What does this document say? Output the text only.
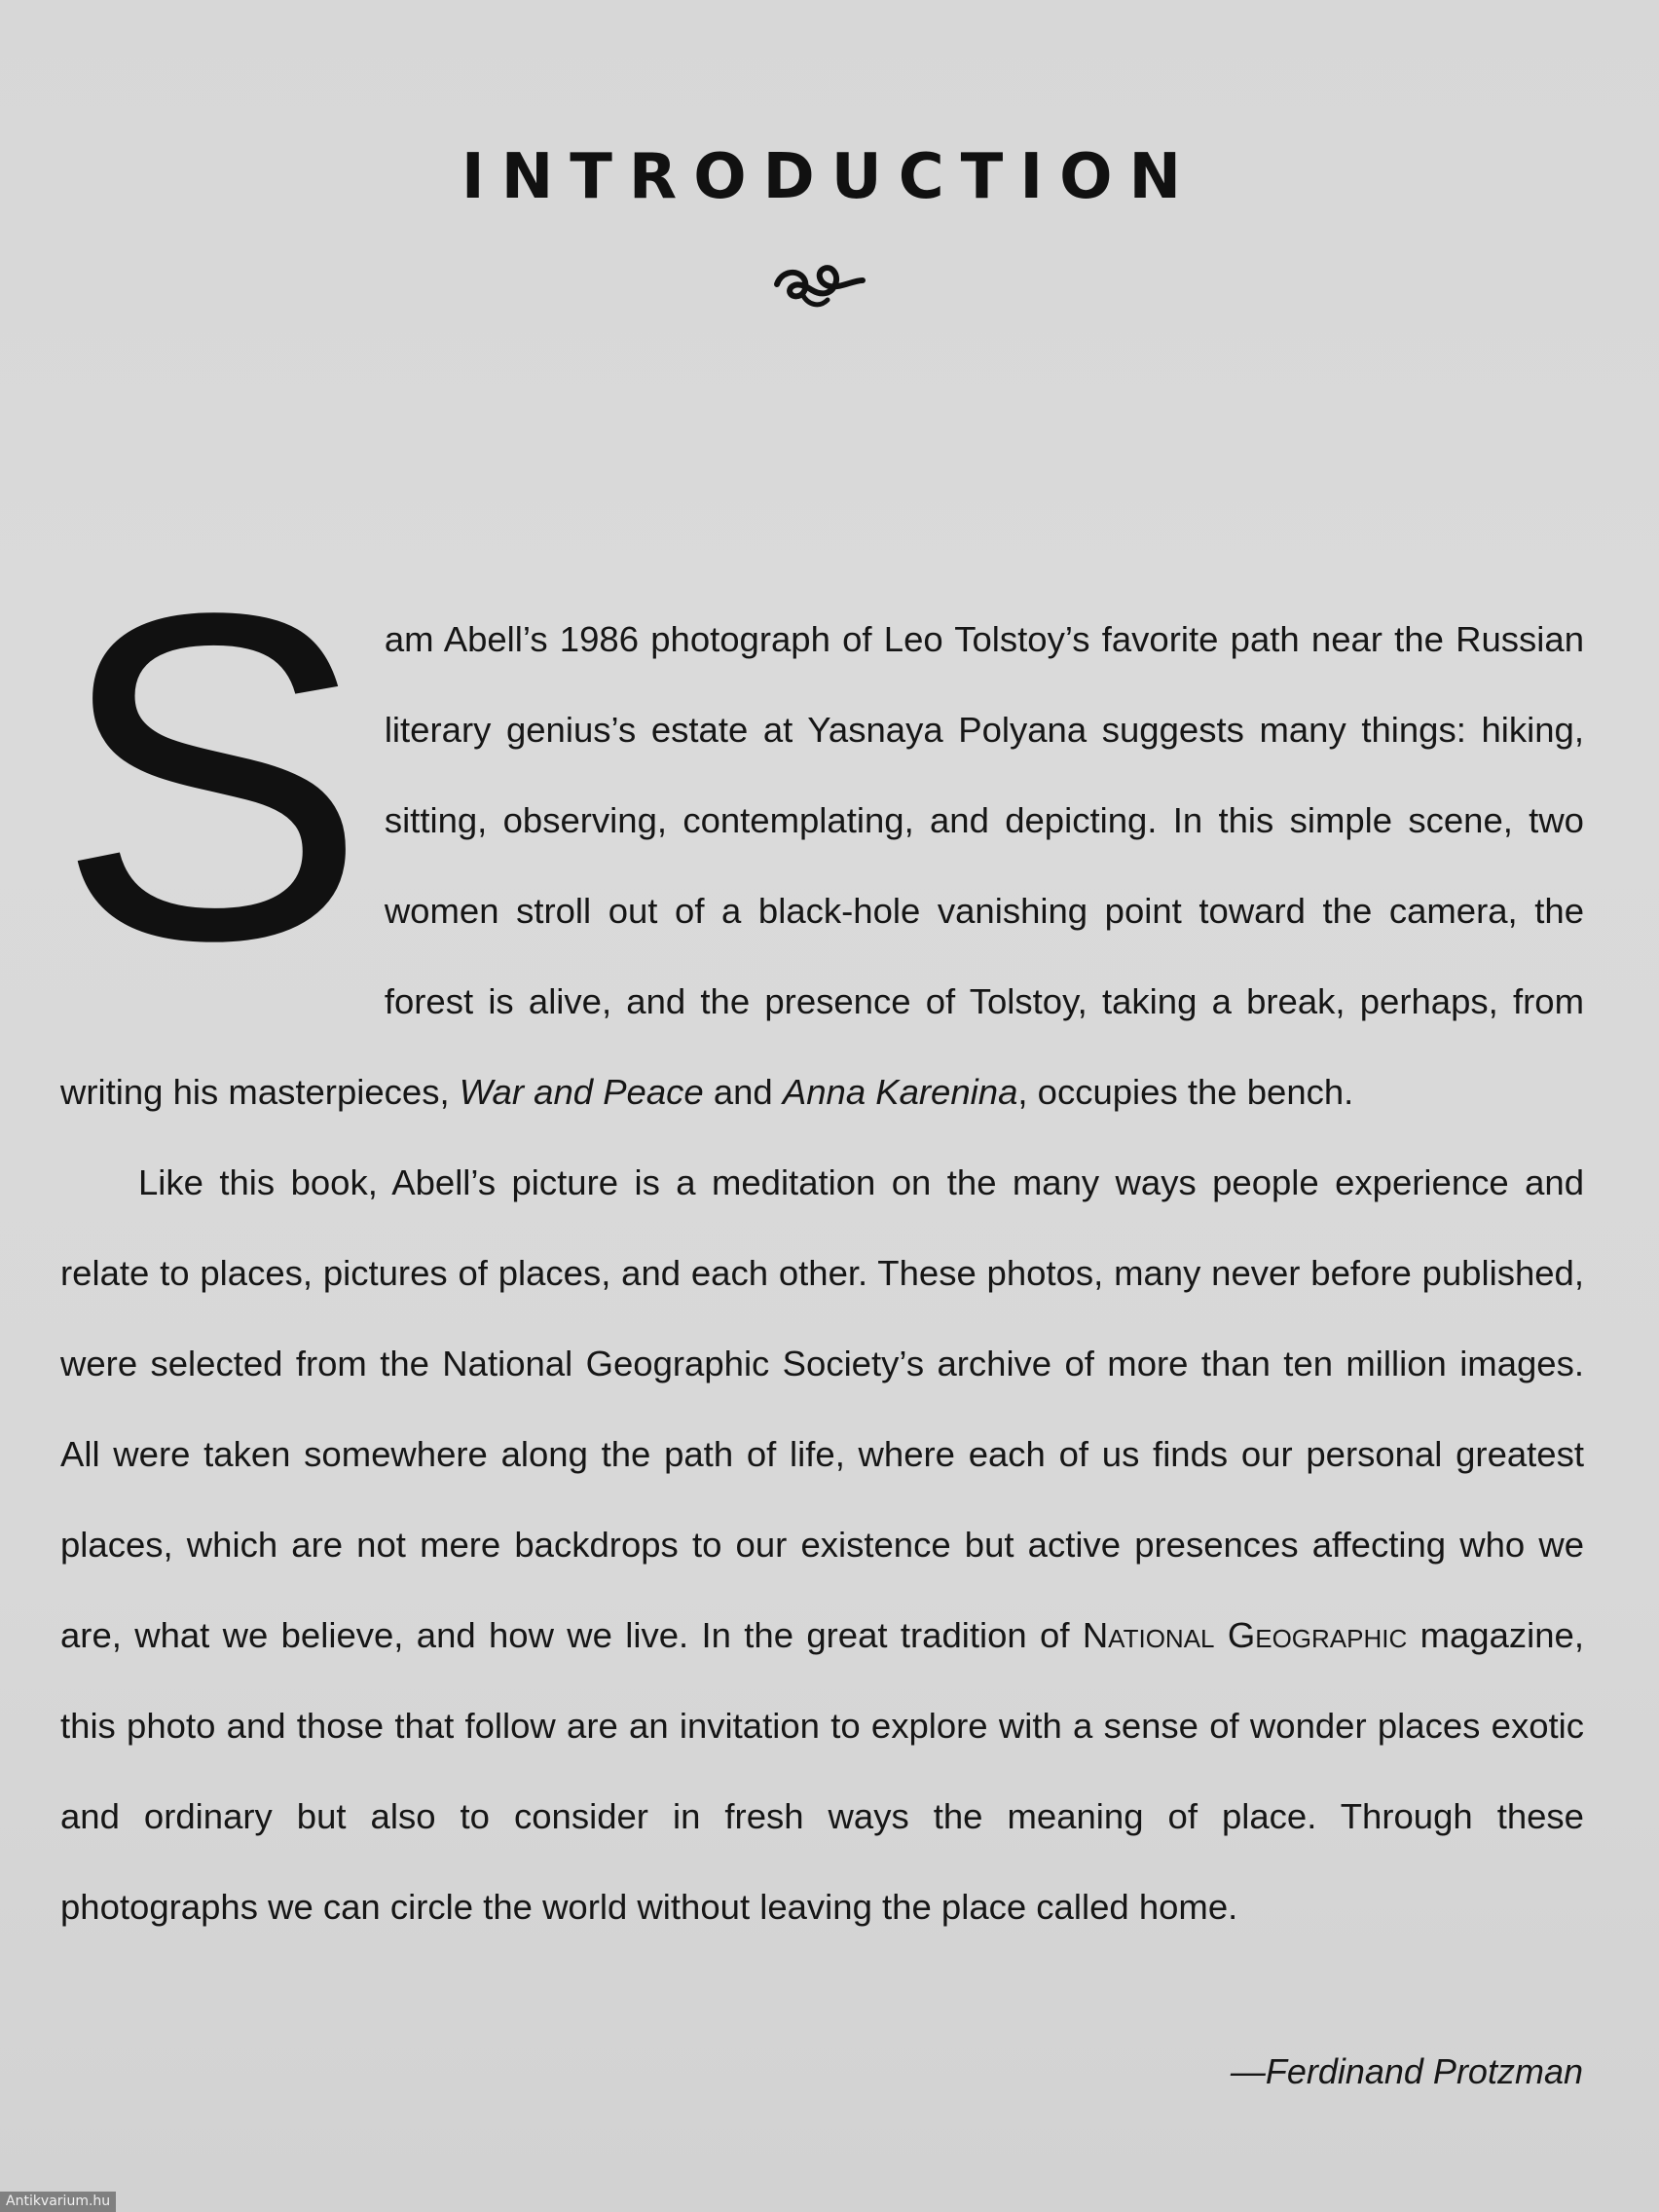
INTRODUCTION

Sam Abell’s 1986 photograph of Leo Tolstoy’s favorite path near the Russian literary genius’s estate at Yasnaya Polyana suggests many things: hiking, sitting, observing, contemplating, and depicting. In this simple scene, two women stroll out of a black-hole vanishing point toward the camera, the forest is alive, and the presence of Tolstoy, taking a break, perhaps, from writing his masterpieces, War and Peace and Anna Karenina, occupies the bench.

Like this book, Abell’s picture is a meditation on the many ways people experience and relate to places, pictures of places, and each other. These photos, many never before published, were selected from the National Geographic Society’s archive of more than ten million images. All were taken somewhere along the path of life, where each of us finds our personal greatest places, which are not mere backdrops to our existence but active presences affecting who we are, what we believe, and how we live. In the great tradition of National Geographic magazine, this photo and those that follow are an invitation to explore with a sense of wonder places exotic and ordinary but also to consider in fresh ways the meaning of place. Through these photographs we can circle the world without leaving the place called home.

—Ferdinand Protzman
Antikvarium.hu
